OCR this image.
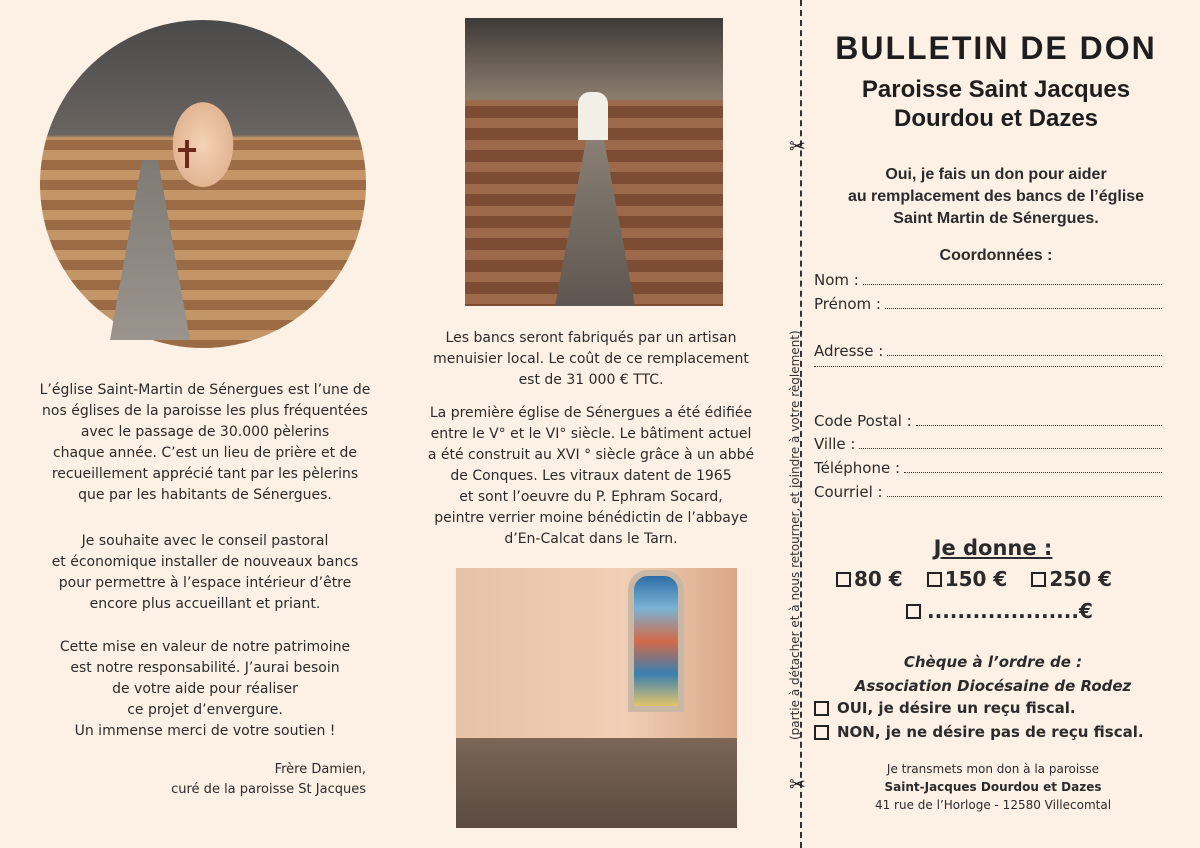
L’église Saint-Martin de Sénergues est l’une de
nos églises de la paroisse les plus fréquentées
avec le passage de 30.000 pèlerins
chaque année. C’est un lieu de prière et de
recueillement apprécié tant par les pèlerins
que par les habitants de Sénergues.
Je souhaite avec le conseil pastoral
et économique installer de nouveaux bancs
pour permettre à l’espace intérieur d’être
encore plus accueillant et priant.
Cette mise en valeur de notre patrimoine
est notre responsabilité. J’aurai besoin
de votre aide pour réaliser
ce projet d’envergure.
Un immense merci de votre soutien !
Frère Damien,
curé de la paroisse St Jacques
Les bancs seront fabriqués par un artisan
menuisier local. Le coût de ce remplacement
est de 31 000 € TTC.
La première église de Sénergues a été édifiée
entre le V° et le VI° siècle. Le bâtiment actuel
a été construit au XVI ° siècle grâce à un abbé
de Conques. Les vitraux datent de 1965
et sont l’oeuvre du P. Ephram Socard,
peintre verrier moine bénédictin de l’abbaye
d’En-Calcat dans le Tarn.
✂
✂
(partie à détacher et à nous retourner, et joindre à votre règlement)
BULLETIN DE DON
Paroisse Saint Jacques
Dourdou et Dazes
Oui, je fais un don pour aider
au remplacement des bancs de l’église
Saint Martin de Sénergues.
Coordonnées :
Nom :
Prénom :
Adresse :
Code Postal :
Ville :
Téléphone :
Courriel :
Je donne :
80 € 150 € 250 €
....................€
Chèque à l’ordre de :
Association Diocésaine de Rodez
OUI, je désire un reçu fiscal.
NON, je ne désire pas de reçu fiscal.
Je transmets mon don à la paroisse
Saint-Jacques Dourdou et Dazes
41 rue de l’Horloge - 12580 Villecomtal
